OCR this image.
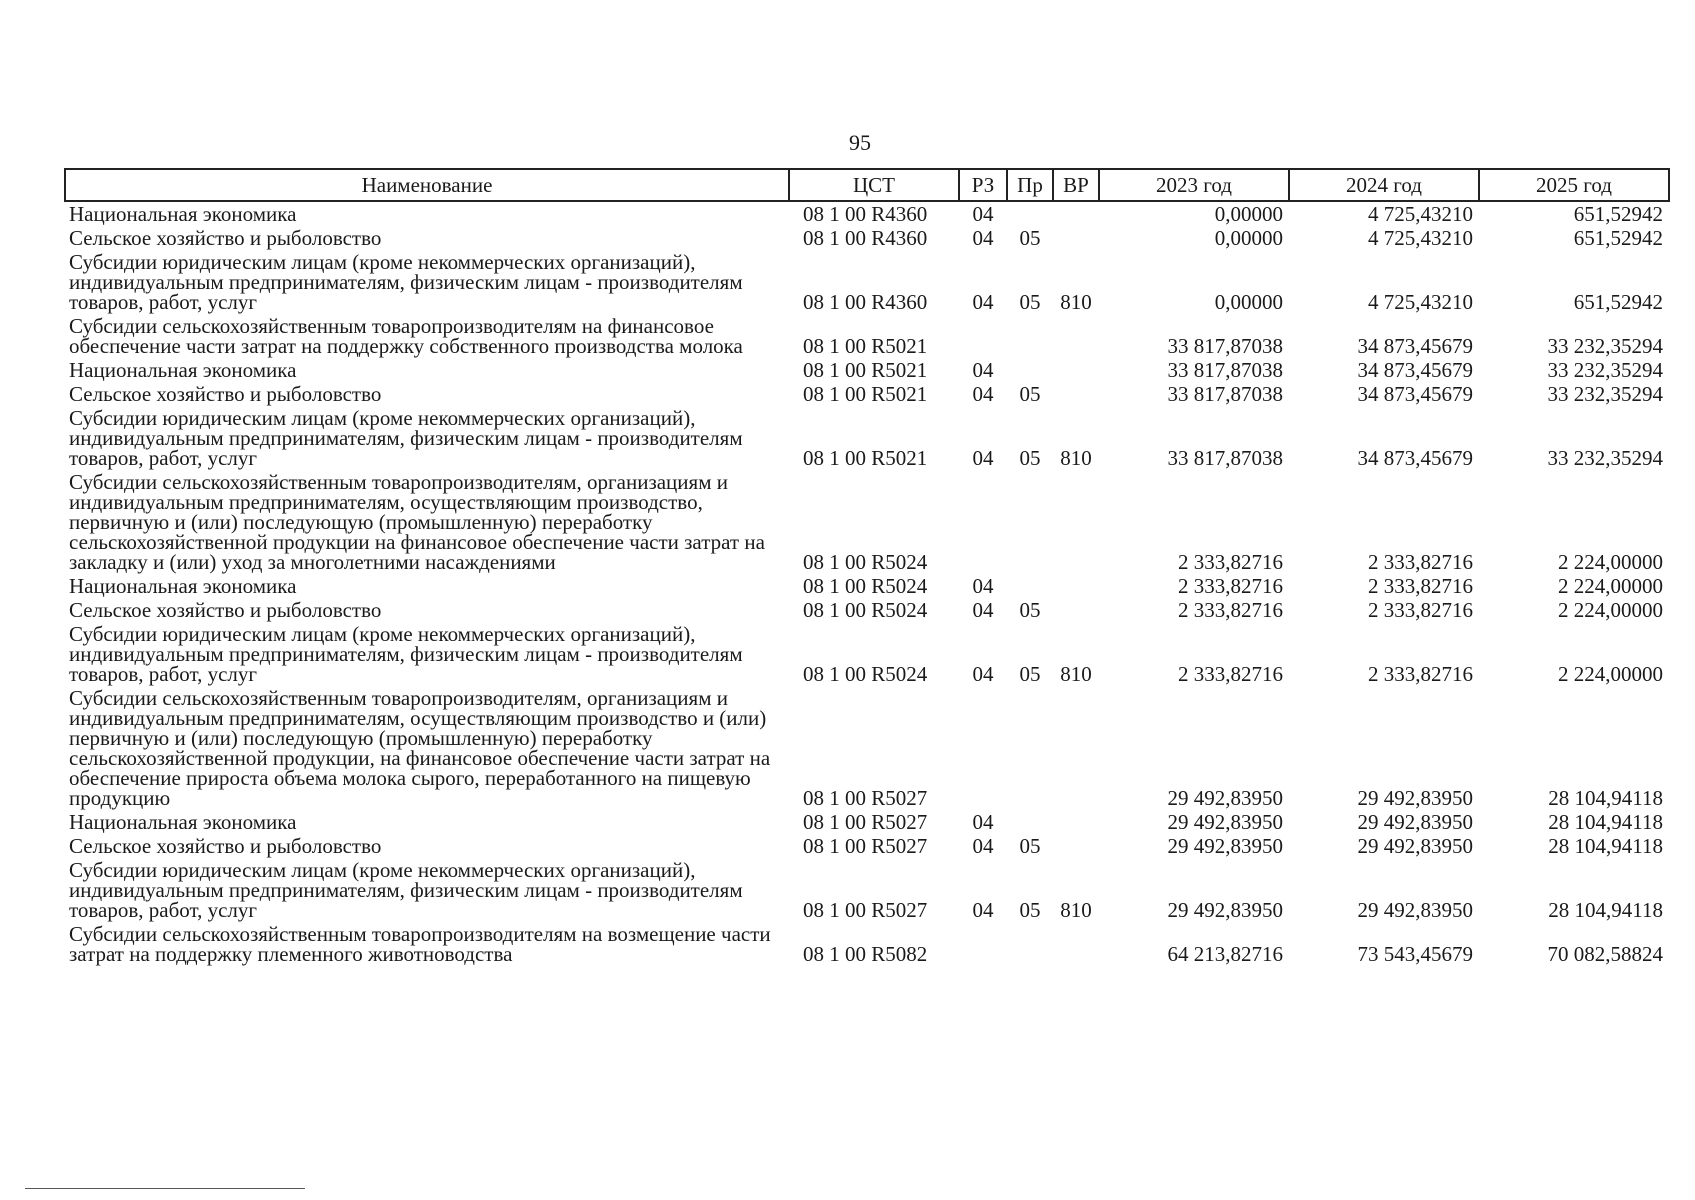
95
Наименование	ЦСТ	РЗ	Пр	ВР	2023 год	2024 год	2025 год
Национальная экономика	08 1 00 R4360	04			0,00000	4 725,43210	651,52942
Сельское хозяйство и рыболовство	08 1 00 R4360	04	05		0,00000	4 725,43210	651,52942
Субсидии юридическим лицам (кроме некоммерческих организаций), индивидуальным предпринимателям, физическим лицам - производителям товаров, работ, услуг	08 1 00 R4360	04	05	810	0,00000	4 725,43210	651,52942
Субсидии сельскохозяйственным товаропроизводителям на финансовое обеспечение части затрат на поддержку собственного производства молока	08 1 00 R5021				33 817,87038	34 873,45679	33 232,35294
Национальная экономика	08 1 00 R5021	04			33 817,87038	34 873,45679	33 232,35294
Сельское хозяйство и рыболовство	08 1 00 R5021	04	05		33 817,87038	34 873,45679	33 232,35294
Субсидии юридическим лицам (кроме некоммерческих организаций), индивидуальным предпринимателям, физическим лицам - производителям товаров, работ, услуг	08 1 00 R5021	04	05	810	33 817,87038	34 873,45679	33 232,35294
Субсидии сельскохозяйственным товаропроизводителям, организациям и индивидуальным предпринимателям, осуществляющим производство, первичную и (или) последующую (промышленную) переработку сельскохозяйственной продукции на финансовое обеспечение части затрат на закладку и (или) уход за многолетними насаждениями	08 1 00 R5024				2 333,82716	2 333,82716	2 224,00000
Национальная экономика	08 1 00 R5024	04			2 333,82716	2 333,82716	2 224,00000
Сельское хозяйство и рыболовство	08 1 00 R5024	04	05		2 333,82716	2 333,82716	2 224,00000
Субсидии юридическим лицам (кроме некоммерческих организаций), индивидуальным предпринимателям, физическим лицам - производителям товаров, работ, услуг	08 1 00 R5024	04	05	810	2 333,82716	2 333,82716	2 224,00000
Субсидии сельскохозяйственным товаропроизводителям, организациям и индивидуальным предпринимателям, осуществляющим производство и (или) первичную и (или) последующую (промышленную) переработку сельскохозяйственной продукции, на финансовое обеспечение части затрат на обеспечение прироста объема молока сырого, переработанного на пищевую продукцию	08 1 00 R5027				29 492,83950	29 492,83950	28 104,94118
Национальная экономика	08 1 00 R5027	04			29 492,83950	29 492,83950	28 104,94118
Сельское хозяйство и рыболовство	08 1 00 R5027	04	05		29 492,83950	29 492,83950	28 104,94118
Субсидии юридическим лицам (кроме некоммерческих организаций), индивидуальным предпринимателям, физическим лицам - производителям товаров, работ, услуг	08 1 00 R5027	04	05	810	29 492,83950	29 492,83950	28 104,94118
Субсидии сельскохозяйственным товаропроизводителям на возмещение части затрат на поддержку племенного животноводства	08 1 00 R5082				64 213,82716	73 543,45679	70 082,58824
